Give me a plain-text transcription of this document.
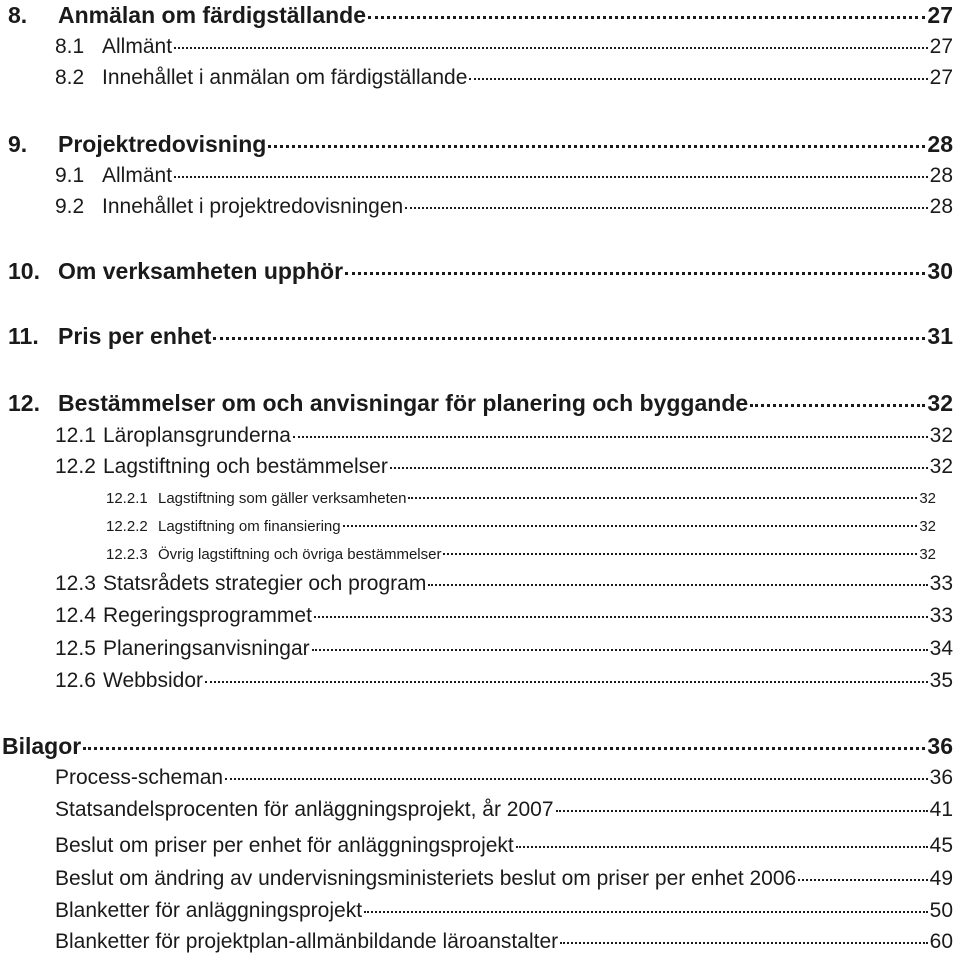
8.	Anmälan om färdigställande	27
8.1 Allmänt	27
8.2 Innehållet i anmälan om färdigställande	27
9.	Projektredovisning	28
9.1 Allmänt	28
9.2 Innehållet i projektredovisningen	28
10. Om verksamheten upphör	30
11. Pris per enhet	31
12. Bestämmelser om och anvisningar för planering och byggande	32
12.1 Läroplansgrunderna	32
12.2 Lagstiftning och bestämmelser	32
12.2.1 Lagstiftning som gäller verksamheten	32
12.2.2 Lagstiftning om finansiering	32
12.2.3 Övrig lagstiftning och övriga bestämmelser	32
12.3 Statsrådets strategier och program	33
12.4 Regeringsprogrammet	33
12.5 Planeringsanvisningar	34
12.6 Webbsidor	35
Bilagor	36
Process-scheman	36
Statsandelsprocenten för anläggningsprojekt, år 2007	41
Beslut om priser per enhet för anläggningsprojekt	45
Beslut om ändring av undervisningsministeriets beslut om priser per enhet 2006	49
Blanketter för anläggningsprojekt	50
Blanketter för projektplan-allmänbildande läroanstalter	60
